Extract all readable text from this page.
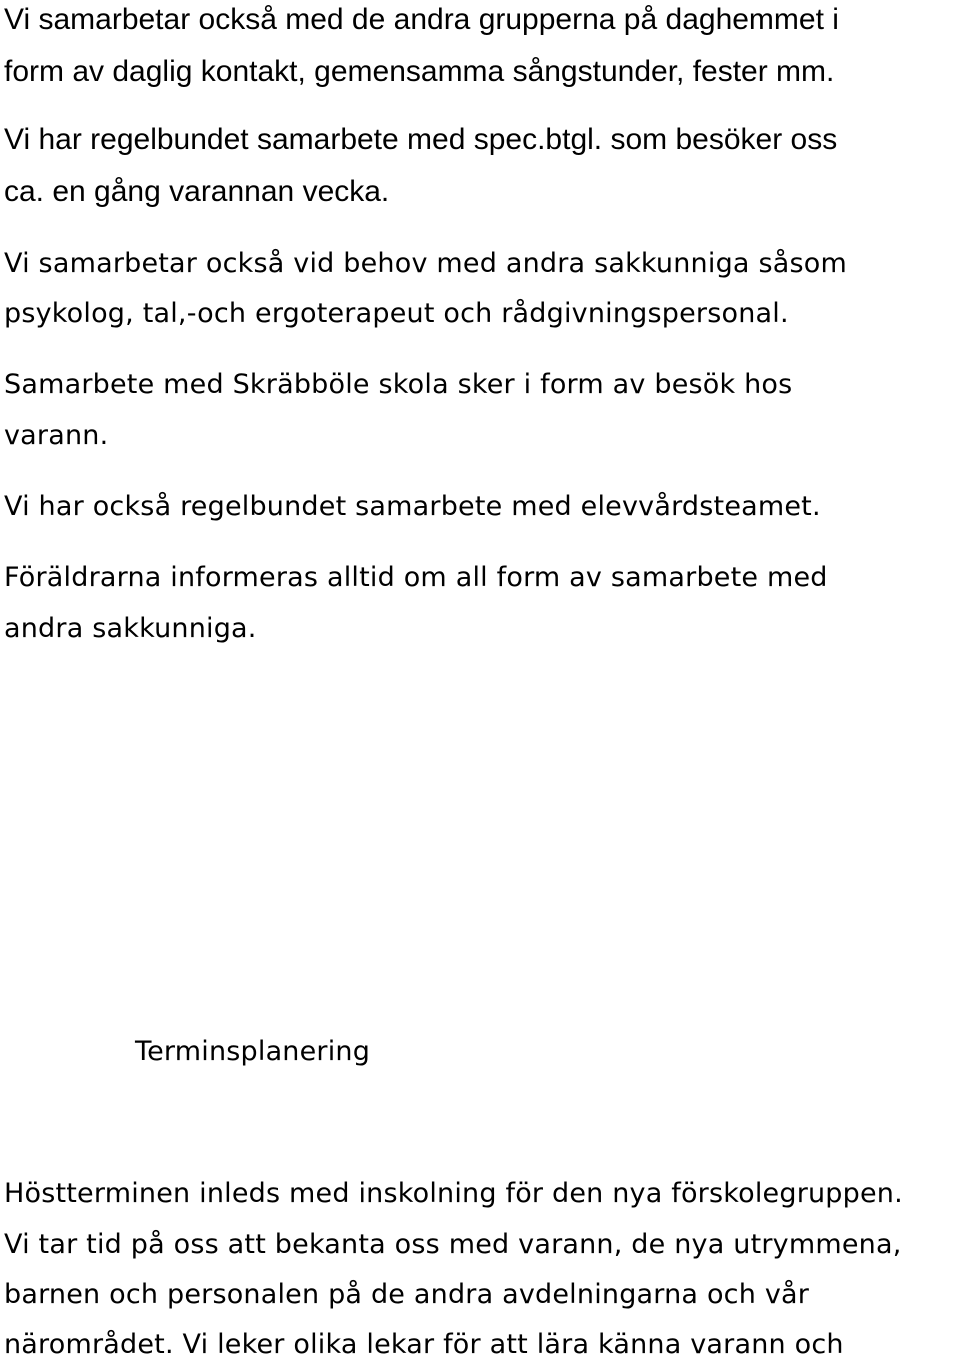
Vi samarbetar också med de andra grupperna på daghemmet i
form av daglig kontakt, gemensamma sångstunder, fester mm.
Vi har regelbundet samarbete med spec.btgl. som besöker oss
ca. en gång varannan vecka.
Vi samarbetar också vid behov med andra sakkunniga såsom
psykolog, tal,-och ergoterapeut och rådgivningspersonal.
Samarbete med Skräbböle skola sker i form av besök hos
varann.
Vi har också regelbundet samarbete med elevvårdsteamet.
Föräldrarna informeras alltid om all form av samarbete med
andra sakkunniga.
Terminsplanering
Höstterminen inleds med inskolning för den nya förskolegruppen.
Vi tar tid på oss att bekanta oss med varann, de nya utrymmena,
barnen och personalen på de andra avdelningarna och vår
närområdet. Vi leker olika lekar för att lära känna varann och
